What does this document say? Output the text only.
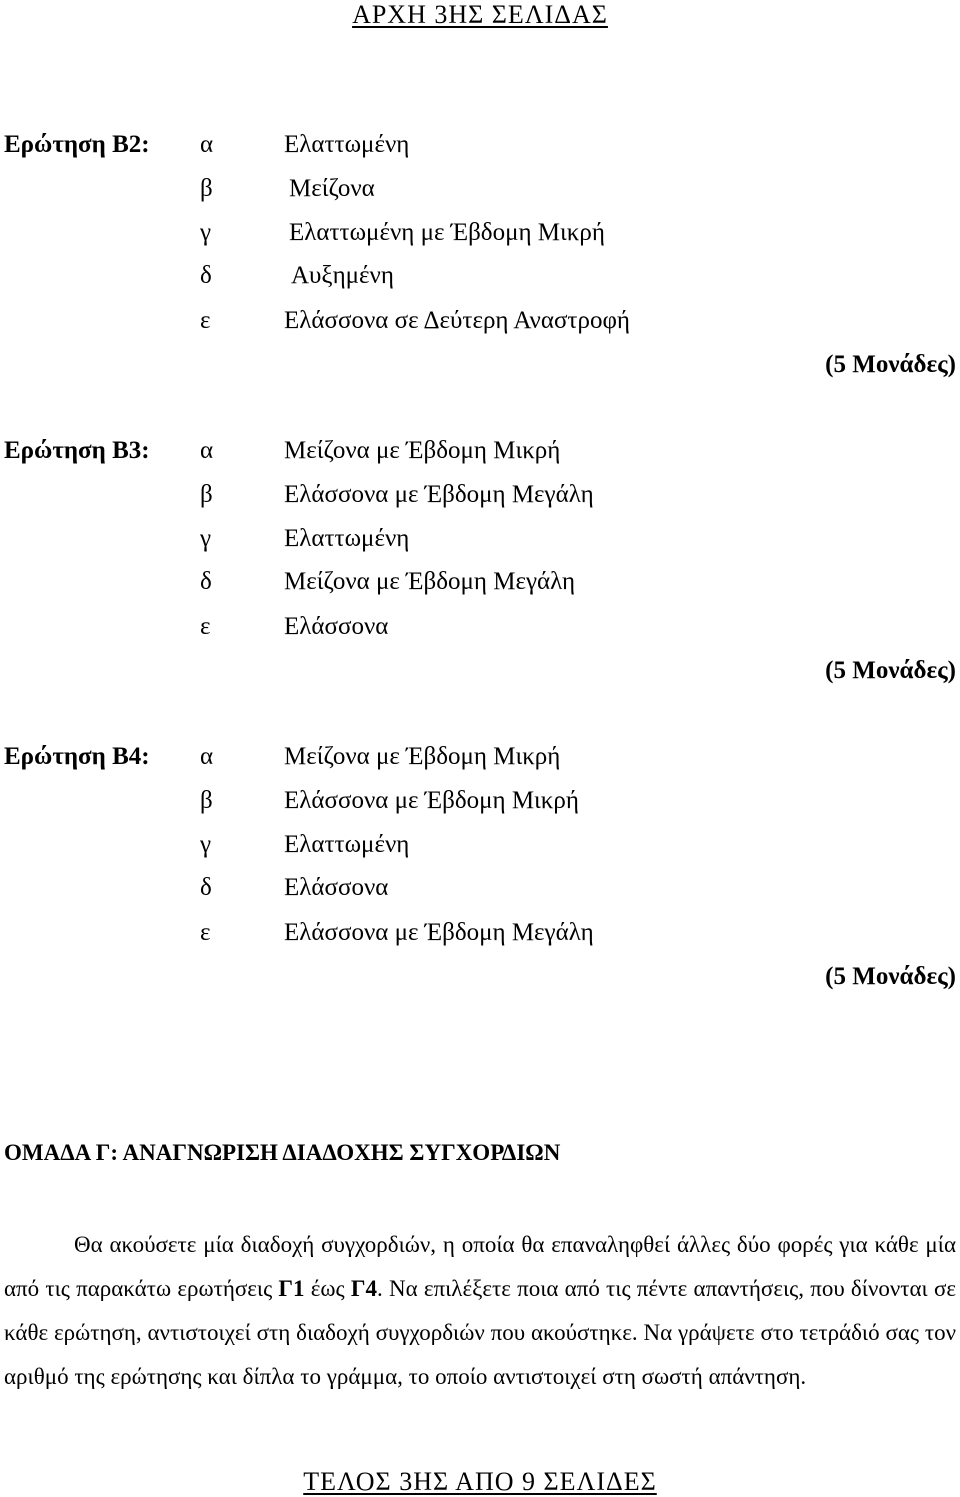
ΑΡΧΗ 3ΗΣ ΣΕΛΙΔΑΣ
Ερώτηση Β2: α	Ελαττωμένη
β	Μείζονα
γ	Ελαττωμένη με Έβδομη Μικρή
δ	Αυξημένη
ε	Ελάσσονα σε Δεύτερη Αναστροφή
(5 Μονάδες)
Ερώτηση Β3: α	Μείζονα με Έβδομη Μικρή
β	Ελάσσονα με Έβδομη Μεγάλη
γ	Ελαττωμένη
δ	Μείζονα με Έβδομη Μεγάλη
ε	Ελάσσονα
(5 Μονάδες)
Ερώτηση Β4: α	Μείζονα με Έβδομη Μικρή
β	Ελάσσονα με Έβδομη Μικρή
γ	Ελαττωμένη
δ	Ελάσσονα
ε	Ελάσσονα με Έβδομη Μεγάλη
(5 Μονάδες)
ΟΜΑΔΑ Γ: ΑΝΑΓΝΩΡΙΣΗ ΔΙΑΔΟΧΗΣ ΣΥΓΧΟΡΔΙΩΝ
Θα ακούσετε μία διαδοχή συγχορδιών, η οποία θα επαναληφθεί άλλες δύο φορές για κάθε μία από τις παρακάτω ερωτήσεις Γ1 έως Γ4. Να επιλέξετε ποια από τις πέντε απαντήσεις, που δίνονται σε κάθε ερώτηση, αντιστοιχεί στη διαδοχή συγχορδιών που ακούστηκε. Να γράψετε στο τετράδιό σας τον αριθμό της ερώτησης και δίπλα το γράμμα, το οποίο αντιστοιχεί στη σωστή απάντηση.
ΤΕΛΟΣ 3ΗΣ ΑΠΟ 9 ΣΕΛΙΔΕΣ
